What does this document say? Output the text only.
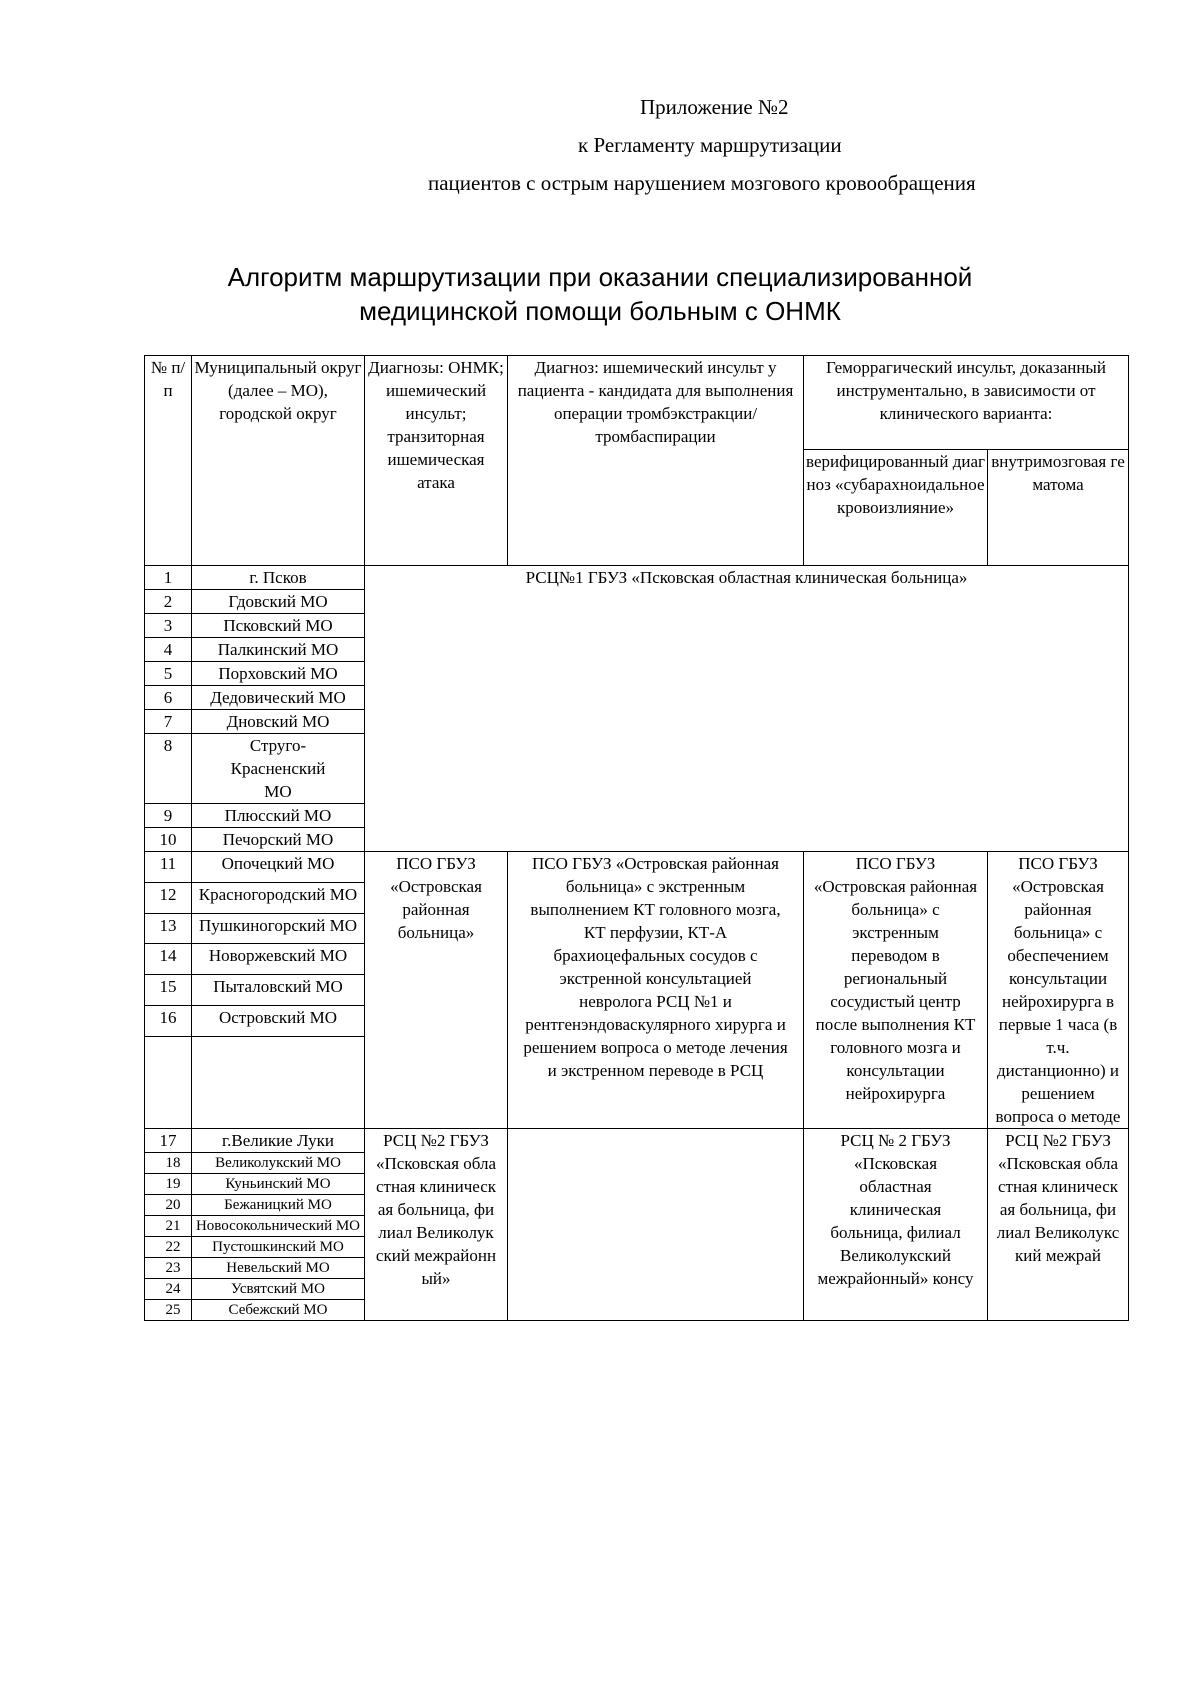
Приложение №2
к Регламенту маршрутизации
пациентов с острым нарушением мозгового кровообращения
Алгоритм маршрутизации при оказании специализированной
медицинской помощи больным с ОНМК
№ п/п	Муниципальный округ (далее – МО), городской округ	Диагнозы: ОНМК; ишемический инсульт; транзиторная ишемическая атака	Диагноз: ишемический инсульт у пациента - кандидата для выполнения операции тромбэкстракции/тромбаспирации	Геморрагический инсульт, доказанный инструментально, в зависимости от клинического варианта:	
				верифицированный диагноз «субарахноидальное кровоизлияние»	внутримозговая гематома
1	г. Псков	РСЦ№1 ГБУЗ «Псковская областная клиническая больница»			
2	Гдовский МО				
3	Псковский МО				
4	Палкинский МО				
5	Порховский МО				
6	Дедовический МО				
7	Дновский МО				
8	Струго-Красненский МО				
9	Плюсский МО				
10	Печорский МО				
11	Опочецкий МО	ПСО ГБУЗ «Островская районная больница»	ПСО ГБУЗ «Островская районная больница» с экстренным выполнением КТ головного мозга, КТ перфузии, КТ-А брахиоцефальных сосудов с экстренной консультацией невролога РСЦ №1 и рентгенэндоваскулярного хирурга и решением вопроса о методе лечения и экстренном переводе в РСЦ	ПСО ГБУЗ «Островская районная больница» с экстренным переводом в региональный сосудистый центр после выполнения КТ головного мозга и консультации нейрохирурга	ПСО ГБУЗ «Островская районная больница» с обеспечением консультации нейрохирурга в первые 1 часа (в т.ч. дистанционно) и решением вопроса о методе
12	Красногородский МО				
13	Пушкиногорский МО				
14	Новоржевский МО				
15	Пыталовский МО				
16	Островский МО				

17	г.Великие Луки	РСЦ №2 ГБУЗ «Псковская областная клиническая больница, филиал Великолукский межрайонный»		РСЦ № 2 ГБУЗ «Псковская областная клиническая больница, филиал Великолукский межрайонный» консу	РСЦ №2 ГБУЗ «Псковская областная клиническая больница, филиал Великолукский межрай
18	Великолукский МО				
19	Куньинский МО				
20	Бежаницкий МО				
21	Новосокольнический МО				
22	Пустошкинский МО				
23	Невельский МО				
24	Усвятский МО				
25	Себежский МО				
